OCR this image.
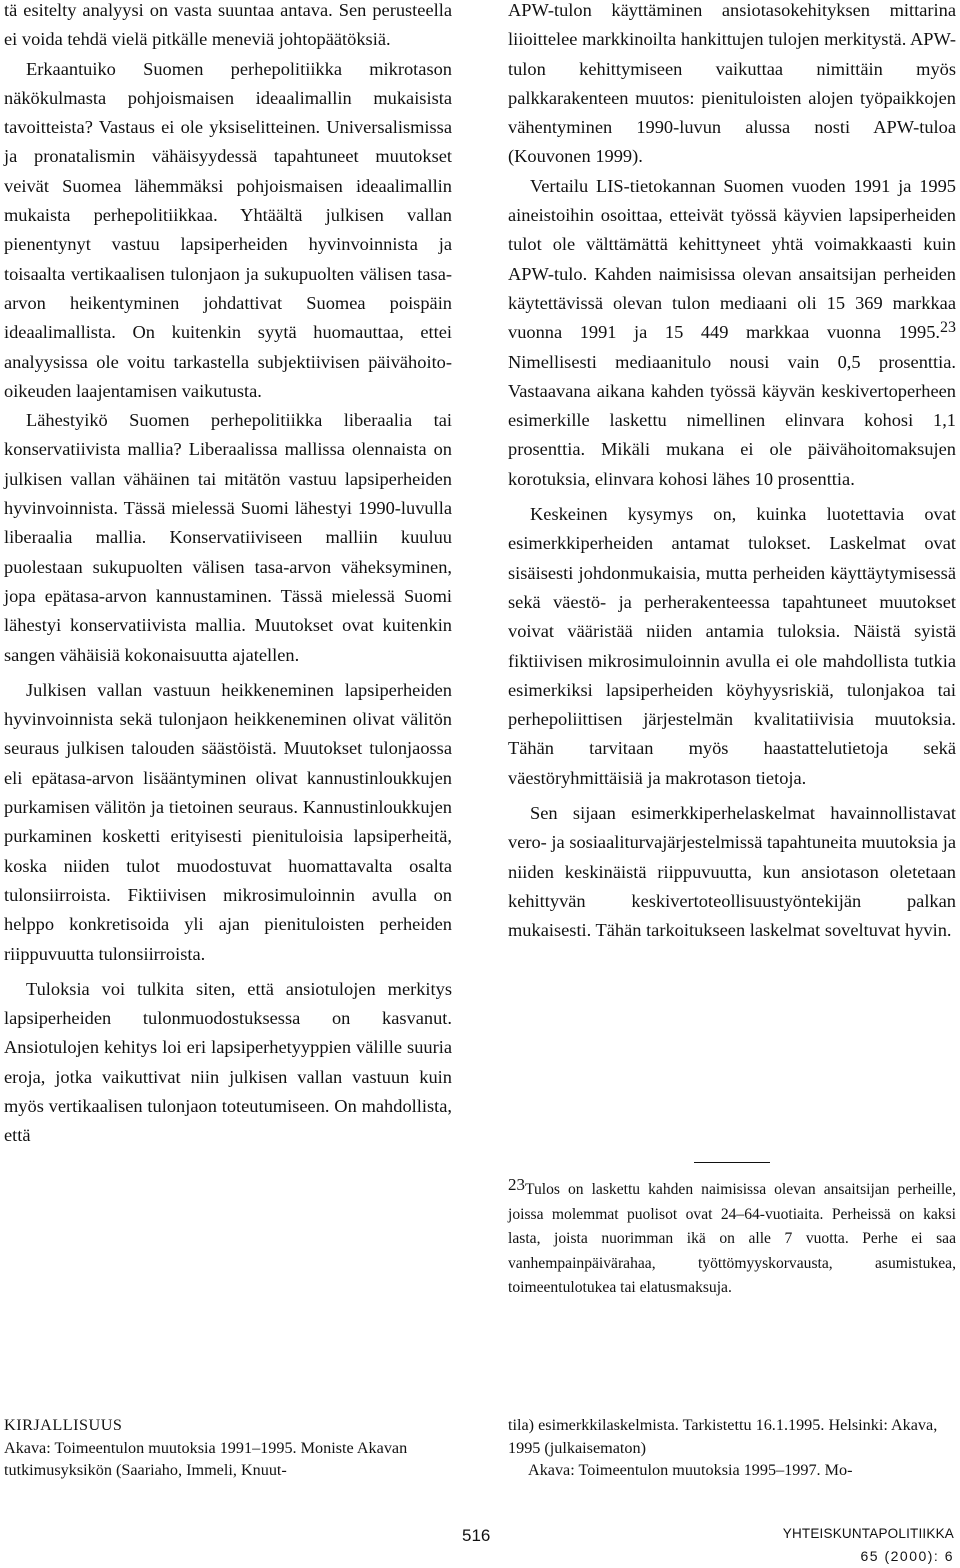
tä esitelty analyysi on vasta suuntaa antava. Sen perusteella ei voida tehdä vielä pitkälle meneviä johtopäätöksiä.

Erkaantuiko Suomen perhepolitiikka mikrotason näkökulmasta pohjoismaisen ideaalimallin mukaisista tavoitteista? Vastaus ei ole yksiselitteinen. Universalismissa ja pronatalismin vähäisyydessä tapahtuneet muutokset veivät Suomea lähemmäksi pohjoismaisen ideaalimallin mukaista perhepolitiikkaa. Yhtäältä julkisen vallan pienentynyt vastuu lapsiperheiden hyvinvoinnista ja toisaalta vertikaalisen tulonjaon ja sukupuolten välisen tasa-arvon heikentyminen johdattivat Suomea poispäin ideaalimallista. On kuitenkin syytä huomauttaa, ettei analyysissa ole voitu tarkastella subjektiivisen päivähoito-oikeuden laajentamisen vaikutusta.

Lähestyikö Suomen perhepolitiikka liberaalia tai konservatiivista mallia? Liberaalissa mallissa olennaista on julkisen vallan vähäinen tai mitätön vastuu lapsiperheiden hyvinvoinnista. Tässä mielessä Suomi lähestyi 1990-luvulla liberaalia mallia. Konservatiiviseen malliin kuuluu puolestaan sukupuolten välisen tasa-arvon väheksyminen, jopa epätasa-arvon kannustaminen. Tässä mielessä Suomi lähestyi konservatiivista mallia. Muutokset ovat kuitenkin sangen vähäisiä kokonaisuutta ajatellen.

Julkisen vallan vastuun heikkeneminen lapsiperheiden hyvinvoinnista sekä tulonjaon heikkeneminen olivat välitön seuraus julkisen talouden säästöistä. Muutokset tulonjaossa eli epätasa-arvon lisääntyminen olivat kannustinloukkujen purkamisen välitön ja tietoinen seuraus. Kannustinloukkujen purkaminen kosketti erityisesti pienituloisia lapsiperheitä, koska niiden tulot muodostuvat huomattavalta osalta tulonsiirroista. Fiktiivisen mikrosimuloinnin avulla on helppo konkretisoida yli ajan pienituloisten perheiden riippuvuutta tulonsiirroista.

Tuloksia voi tulkita siten, että ansiotulojen merkitys lapsiperheiden tulonmuodostuksessa on kasvanut. Ansiotulojen kehitys loi eri lapsiperhetyyppien välille suuria eroja, jotka vaikuttivat niin julkisen vallan vastuun kuin myös vertikaalisen tulonjaon toteutumiseen. On mahdollista, että

APW-tulon käyttäminen ansiotasokehityksen mittarina liioittelee markkinoilta hankittujen tulojen merkitystä. APW-tulon kehittymiseen vaikuttaa nimittäin myös palkkarakenteen muutos: pienituloisten alojen työpaikkojen vähentyminen 1990-luvun alussa nosti APW-tuloa (Kouvonen 1999).

Vertailu LIS-tietokannan Suomen vuoden 1991 ja 1995 aineistoihin osoittaa, etteivät työssä käyvien lapsiperheiden tulot ole välttämättä kehittyneet yhtä voimakkaasti kuin APW-tulo. Kahden naimisissa olevan ansaitsijan perheiden käytettävissä olevan tulon mediaani oli 15 369 markkaa vuonna 1991 ja 15 449 markkaa vuonna 1995.23 Nimellisesti mediaanitulo nousi vain 0,5 prosenttia. Vastaavana aikana kahden työssä käyvän keskivertoperheen esimerkille laskettu nimellinen elinvara kohosi 1,1 prosenttia. Mikäli mukana ei ole päivähoitomaksujen korotuksia, elinvara kohosi lähes 10 prosenttia.

Keskeinen kysymys on, kuinka luotettavia ovat esimerkkiperheiden antamat tulokset. Laskelmat ovat sisäisesti johdonmukaisia, mutta perheiden käyttäytymisessä sekä väestö- ja perherakenteessa tapahtuneet muutokset voivat vääristää niiden antamia tuloksia. Näistä syistä fiktiivisen mikrosimuloinnin avulla ei ole mahdollista tutkia esimerkiksi lapsiperheiden köyhyysriskiä, tulonjakoa tai perhepoliittisen järjestelmän kvalitatiivisia muutoksia. Tähän tarvitaan myös haastattelutietoja sekä väestöryhmittäisiä ja makrotason tietoja.

Sen sijaan esimerkkiperhelaskelmat havainnollistavat vero- ja sosiaaliturvajärjestelmissä tapahtuneita muutoksia ja niiden keskinäistä riippuvuutta, kun ansiotason oletetaan kehittyvän keskivertoteollisuustyöntekijän palkan mukaisesti. Tähän tarkoitukseen laskelmat soveltuvat hyvin.

$^{23}$Tulos on laskettu kahden naimisissa olevan ansaitsijan perheille, joissa molemmat puolisot ovat 24–64-vuotiaita. Perheissä on kaksi lasta, joista nuorimman ikä on alle 7 vuotta. Perhe ei saa vanhempainpäivärahaa, työttömyyskorvausta, asumistukea, toimeentulotukea tai elatusmaksuja.

KIRJALLISUUS

Akava: Toimeentulon muutoksia 1991–1995. Moniste Akavan tutkimusyksikön (Saariaho, Immeli, Knuut-

tila) esimerkkilaskelmista. Tarkistettu 16.1.1995. Helsinki: Akava, 1995 (julkaisematon)

Akava: Toimeentulon muutoksia 1995–1997. Mo-

516	YHTEISKUNTAPOLITIIKKA
65 (2000): 6
